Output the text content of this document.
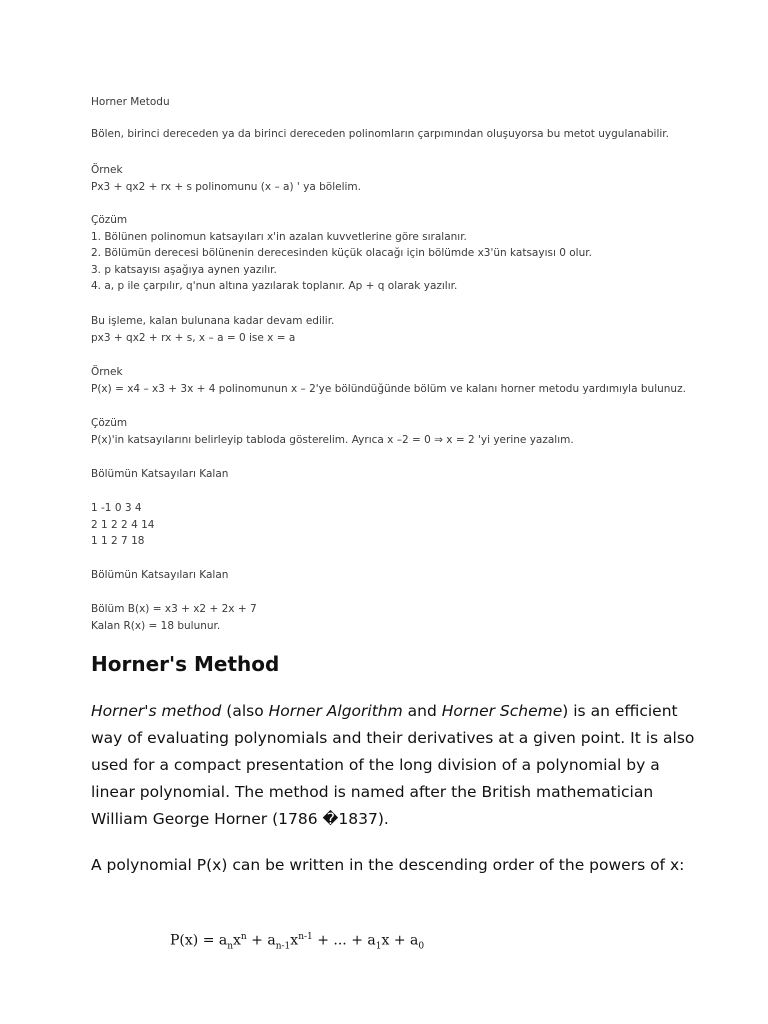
Horner Metodu

Bölen, birinci dereceden ya da birinci dereceden polinomların çarpımından oluşuyorsa bu metot uygulanabilir.

Örnek

Px3 + qx2 + rx + s polinomunu (x – a) ' ya bölelim.

Çözüm

1. Bölünen polinomun katsayıları x'in azalan kuvvetlerine göre sıralanır.

2. Bölümün derecesi bölünenin derecesinden küçük olacağı için bölümde x3'ün katsayısı 0 olur.

3. p katsayısı aşağıya aynen yazılır.

4. a, p ile çarpılır, q'nun altına yazılarak toplanır. Ap + q olarak yazılır.

Bu işleme, kalan bulunana kadar devam edilir.

px3 + qx2 + rx + s, x – a = 0 ise x = a

Örnek

P(x) = x4 – x3 + 3x + 4 polinomunun x – 2'ye bölündüğünde bölüm ve kalanı horner metodu yardımıyla bulunuz.

Çözüm

P(x)'in katsayılarını belirleyip tabloda gösterelim. Ayrıca x –2 = 0 ⇒ x = 2 'yi yerine yazalım.

Bölümün Katsayıları Kalan

1 -1 0 3 4

2 1 2 2 4 14

1 1 2 7 18

Bölümün Katsayıları Kalan

Bölüm B(x) = x3 + x2 + 2x + 7

Kalan R(x) = 18 bulunur.

Horner's Method

Horner's method (also Horner Algorithm and Horner Scheme) is an efficient way of evaluating polynomials and their derivatives at a given point. It is also used for a compact presentation of the long division of a polynomial by a linear polynomial. The method is named after the British mathematician William George Horner (1786 �1837).

A polynomial P(x) can be written in the descending order of the powers of x:

$P(x) = a_nx^n + a_{n-1}x^{n-1}$ + ... + $a_1x + a_0$
